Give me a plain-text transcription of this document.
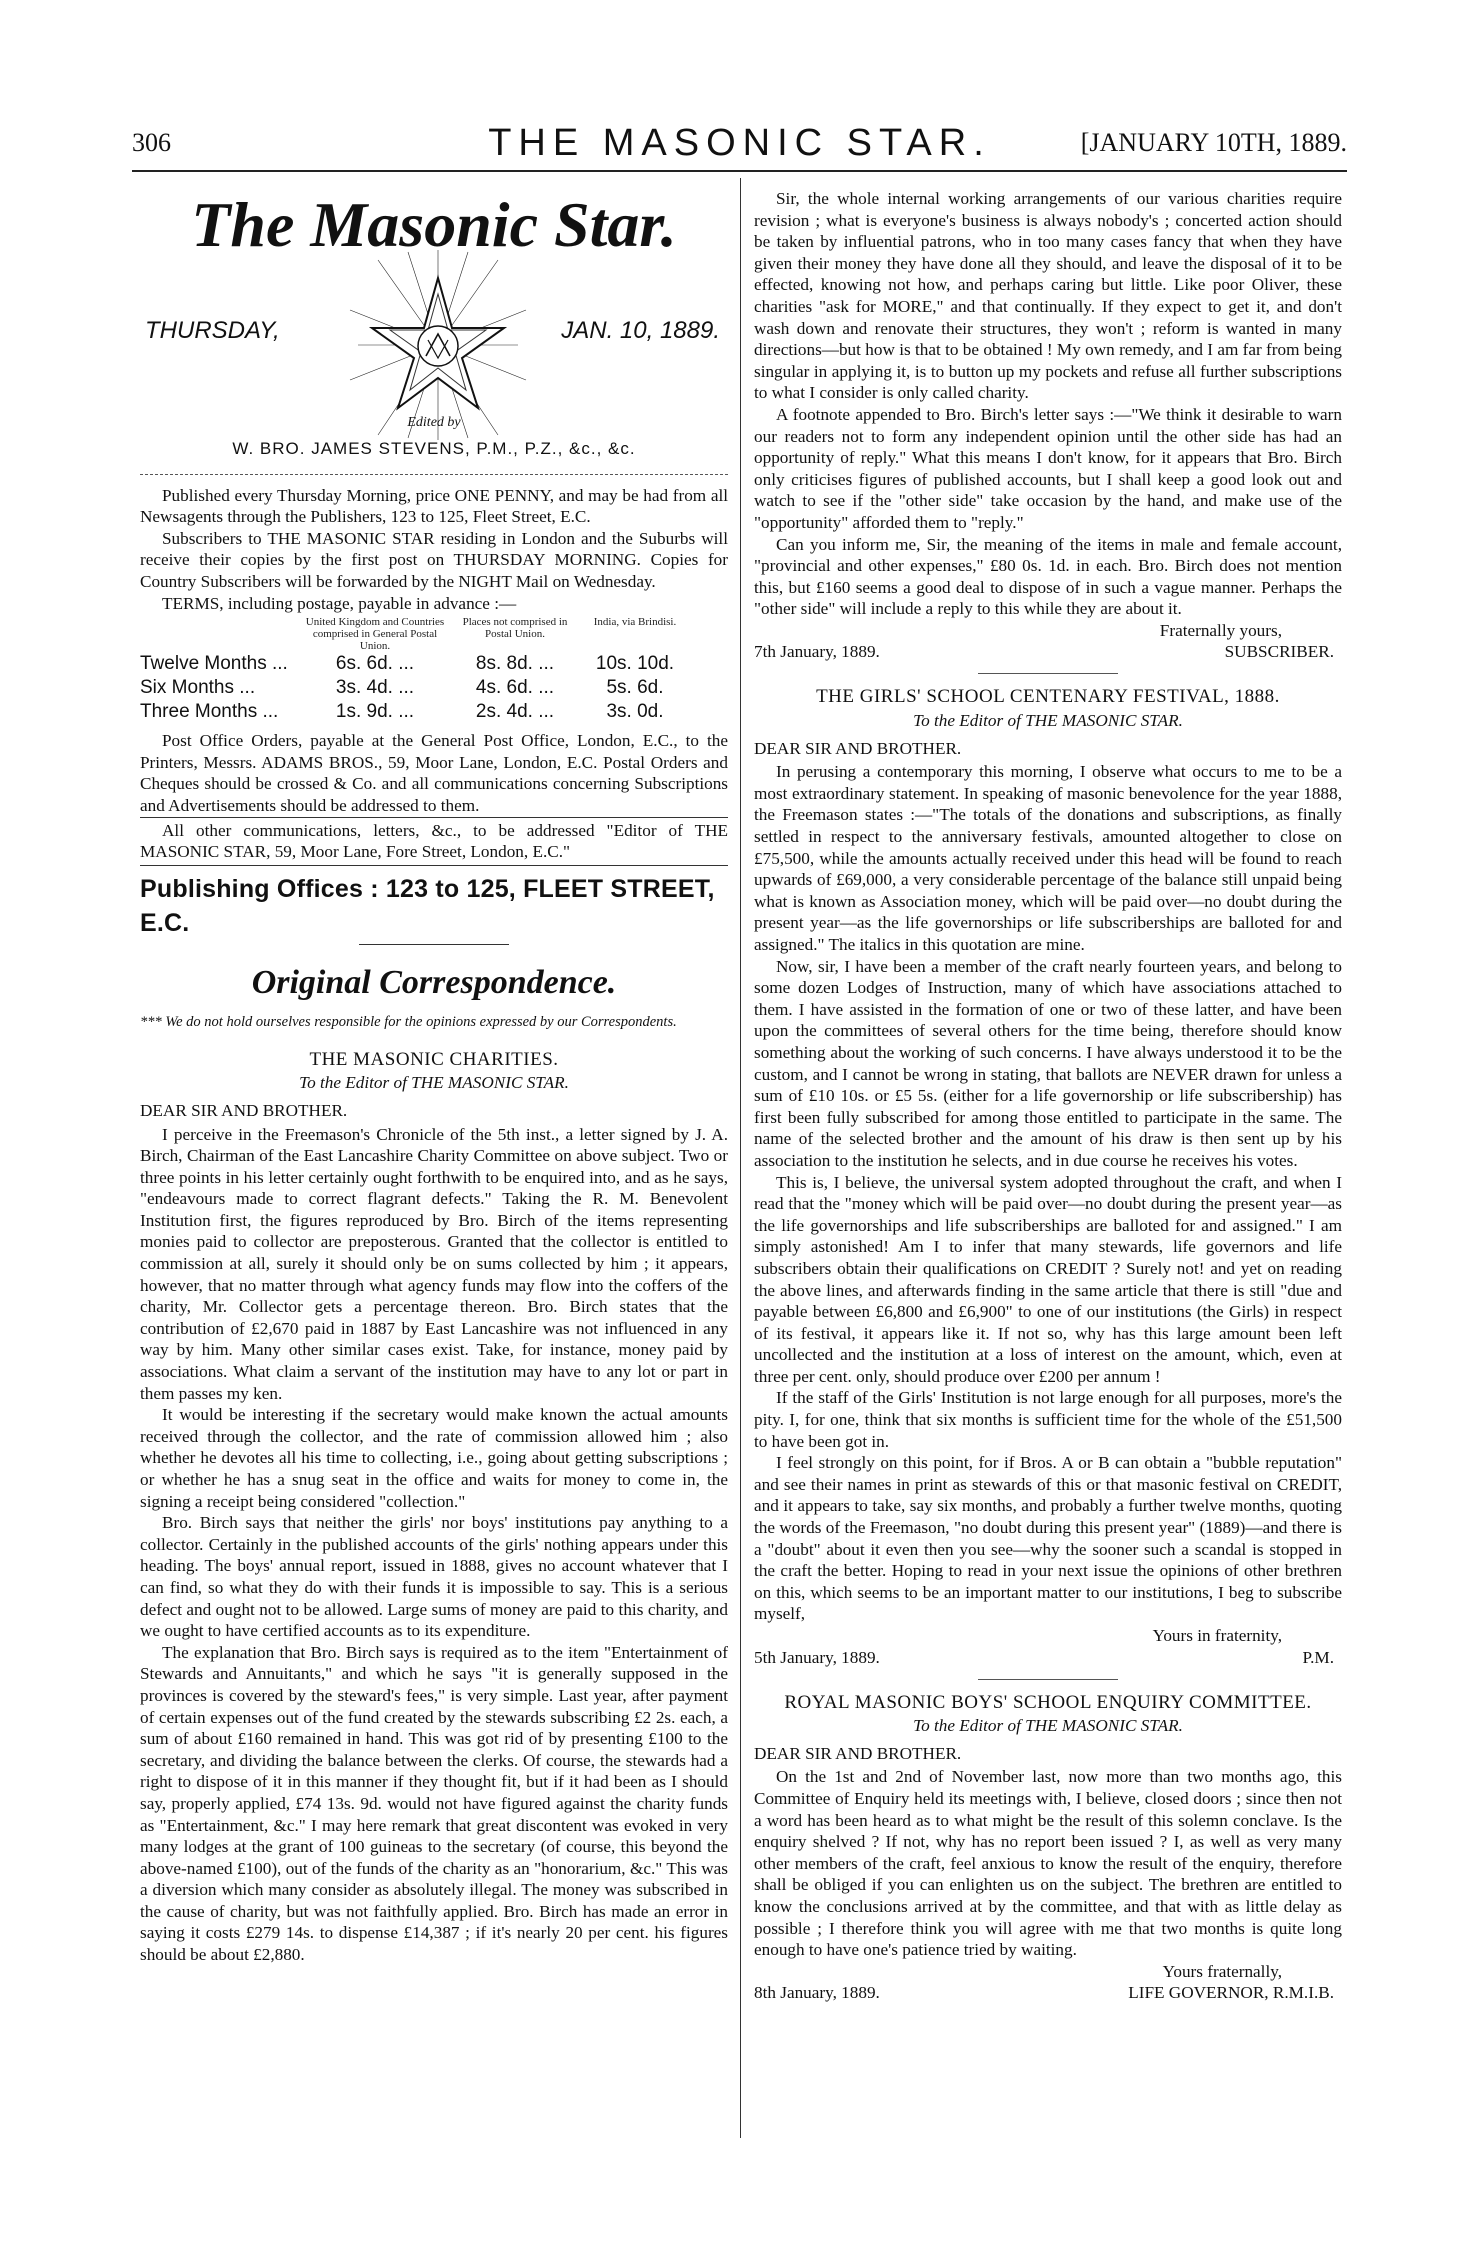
306	THE MASONIC STAR.	[JANUARY 10TH, 1889.
The Masonic Star.
THURSDAY,	JAN. 10, 1889.
Edited by
W. BRO. JAMES STEVENS, P.M., P.Z., &c., &c.

Published every Thursday Morning, price ONE PENNY, and may be had from all Newsagents through the Publishers, 123 to 125, Fleet Street, E.C.

Subscribers to THE MASONIC STAR residing in London and the Suburbs will receive their copies by the first post on THURSDAY MORNING. Copies for Country Subscribers will be forwarded by the NIGHT Mail on Wednesday.

TERMS, including postage, payable in advance :—

United Kingdom and Countries comprised in General Postal Union.
Places not comprised in Postal Union.
India, via Brindisi.
Twelve Months ...	6s. 6d. ...	8s. 8d. ...	10s. 10d.
Six Months ...	3s. 4d. ...	4s. 6d. ...	5s. 6d.
Three Months ...	1s. 9d. ...	2s. 4d. ...	3s. 0d.

Post Office Orders, payable at the General Post Office, London, E.C., to the Printers, Messrs. ADAMS BROS., 59, Moor Lane, London, E.C. Postal Orders and Cheques should be crossed & Co. and all communications concerning Subscriptions and Advertisements should be addressed to them.

All other communications, letters, &c., to be addressed "Editor of THE MASONIC STAR, 59, Moor Lane, Fore Street, London, E.C."

Publishing Offices : 123 to 125, FLEET STREET, E.C.
Original Correspondence.
*** We do not hold ourselves responsible for the opinions expressed by our Correspondents.
THE MASONIC CHARITIES.
To the Editor of THE MASONIC STAR.

DEAR SIR AND BROTHER.

I perceive in the Freemason's Chronicle of the 5th inst., a letter signed by J. A. Birch, Chairman of the East Lancashire Charity Committee on above subject. Two or three points in his letter certainly ought forthwith to be enquired into, and as he says, "endeavours made to correct flagrant defects." Taking the R. M. Benevolent Institution first, the figures reproduced by Bro. Birch of the items representing monies paid to collector are preposterous. Granted that the collector is entitled to commission at all, surely it should only be on sums collected by him ; it appears, however, that no matter through what agency funds may flow into the coffers of the charity, Mr. Collector gets a percentage thereon. Bro. Birch states that the contribution of £2,670 paid in 1887 by East Lancashire was not influenced in any way by him. Many other similar cases exist. Take, for instance, money paid by associations. What claim a servant of the institution may have to any lot or part in them passes my ken.

It would be interesting if the secretary would make known the actual amounts received through the collector, and the rate of commission allowed him ; also whether he devotes all his time to collecting, i.e., going about getting subscriptions ; or whether he has a snug seat in the office and waits for money to come in, the signing a receipt being considered "collection."

Bro. Birch says that neither the girls' nor boys' institutions pay anything to a collector. Certainly in the published accounts of the girls' nothing appears under this heading. The boys' annual report, issued in 1888, gives no account whatever that I can find, so what they do with their funds it is impossible to say. This is a serious defect and ought not to be allowed. Large sums of money are paid to this charity, and we ought to have certified accounts as to its expenditure.

The explanation that Bro. Birch says is required as to the item "Entertainment of Stewards and Annuitants," and which he says "it is generally supposed in the provinces is covered by the steward's fees," is very simple. Last year, after payment of certain expenses out of the fund created by the stewards subscribing £2 2s. each, a sum of about £160 remained in hand. This was got rid of by presenting £100 to the secretary, and dividing the balance between the clerks. Of course, the stewards had a right to dispose of it in this manner if they thought fit, but if it had been as I should say, properly applied, £74 13s. 9d. would not have figured against the charity funds as "Entertainment, &c." I may here remark that great discontent was evoked in very many lodges at the grant of 100 guineas to the secretary (of course, this beyond the above-named £100), out of the funds of the charity as an "honorarium, &c." This was a diversion which many consider as absolutely illegal. The money was subscribed in the cause of charity, but was not faithfully applied. Bro. Birch has made an error in saying it costs £279 14s. to dispense £14,387 ; if it's nearly 20 per cent. his figures should be about £2,880.

Sir, the whole internal working arrangements of our various charities require revision ; what is everyone's business is always nobody's ; concerted action should be taken by influential patrons, who in too many cases fancy that when they have given their money they have done all they should, and leave the disposal of it to be effected, knowing not how, and perhaps caring but little. Like poor Oliver, these charities "ask for MORE," and that continually. If they expect to get it, and don't wash down and renovate their structures, they won't ; reform is wanted in many directions—but how is that to be obtained ! My own remedy, and I am far from being singular in applying it, is to button up my pockets and refuse all further subscriptions to what I consider is only called charity.

A footnote appended to Bro. Birch's letter says :—"We think it desirable to warn our readers not to form any independent opinion until the other side has had an opportunity of reply." What this means I don't know, for it appears that Bro. Birch only criticises figures of published accounts, but I shall keep a good look out and watch to see if the "other side" take occasion by the hand, and make use of the "opportunity" afforded them to "reply."

Can you inform me, Sir, the meaning of the items in male and female account, "provincial and other expenses," £80 0s. 1d. in each. Bro. Birch does not mention this, but £160 seems a good deal to dispose of in such a vague manner. Perhaps the "other side" will include a reply to this while they are about it.

Fraternally yours,
7th January, 1889.	SUBSCRIBER.
THE GIRLS' SCHOOL CENTENARY FESTIVAL, 1888.
To the Editor of THE MASONIC STAR.

DEAR SIR AND BROTHER.

In perusing a contemporary this morning, I observe what occurs to me to be a most extraordinary statement. In speaking of masonic benevolence for the year 1888, the Freemason states :—"The totals of the donations and subscriptions, as finally settled in respect to the anniversary festivals, amounted altogether to close on £75,500, while the amounts actually received under this head will be found to reach upwards of £69,000, a very considerable percentage of the balance still unpaid being what is known as Association money, which will be paid over—no doubt during the present year—as the life governorships or life subscriberships are balloted for and assigned." The italics in this quotation are mine.

Now, sir, I have been a member of the craft nearly fourteen years, and belong to some dozen Lodges of Instruction, many of which have associations attached to them. I have assisted in the formation of one or two of these latter, and have been upon the committees of several others for the time being, therefore should know something about the working of such concerns. I have always understood it to be the custom, and I cannot be wrong in stating, that ballots are NEVER drawn for unless a sum of £10 10s. or £5 5s. (either for a life governorship or life subscribership) has first been fully subscribed for among those entitled to participate in the same. The name of the selected brother and the amount of his draw is then sent up by his association to the institution he selects, and in due course he receives his votes.

This is, I believe, the universal system adopted throughout the craft, and when I read that the "money which will be paid over—no doubt during the present year—as the life governorships and life subscriberships are balloted for and assigned." I am simply astonished! Am I to infer that many stewards, life governors and life subscribers obtain their qualifications on CREDIT ? Surely not! and yet on reading the above lines, and afterwards finding in the same article that there is still "due and payable between £6,800 and £6,900" to one of our institutions (the Girls) in respect of its festival, it appears like it. If not so, why has this large amount been left uncollected and the institution at a loss of interest on the amount, which, even at three per cent. only, should produce over £200 per annum !

If the staff of the Girls' Institution is not large enough for all purposes, more's the pity. I, for one, think that six months is sufficient time for the whole of the £51,500 to have been got in.

I feel strongly on this point, for if Bros. A or B can obtain a "bubble reputation" and see their names in print as stewards of this or that masonic festival on CREDIT, and it appears to take, say six months, and probably a further twelve months, quoting the words of the Freemason, "no doubt during this present year" (1889)—and there is a "doubt" about it even then you see—why the sooner such a scandal is stopped in the craft the better. Hoping to read in your next issue the opinions of other brethren on this, which seems to be an important matter to our institutions, I beg to subscribe myself,

Yours in fraternity,
5th January, 1889.	P.M.
ROYAL MASONIC BOYS' SCHOOL ENQUIRY COMMITTEE.
To the Editor of THE MASONIC STAR.

DEAR SIR AND BROTHER.

On the 1st and 2nd of November last, now more than two months ago, this Committee of Enquiry held its meetings with, I believe, closed doors ; since then not a word has been heard as to what might be the result of this solemn conclave. Is the enquiry shelved ? If not, why has no report been issued ? I, as well as very many other members of the craft, feel anxious to know the result of the enquiry, therefore shall be obliged if you can enlighten us on the subject. The brethren are entitled to know the conclusions arrived at by the committee, and that with as little delay as possible ; I therefore think you will agree with me that two months is quite long enough to have one's patience tried by waiting.

Yours fraternally,
8th January, 1889.	LIFE GOVERNOR, R.M.I.B.
